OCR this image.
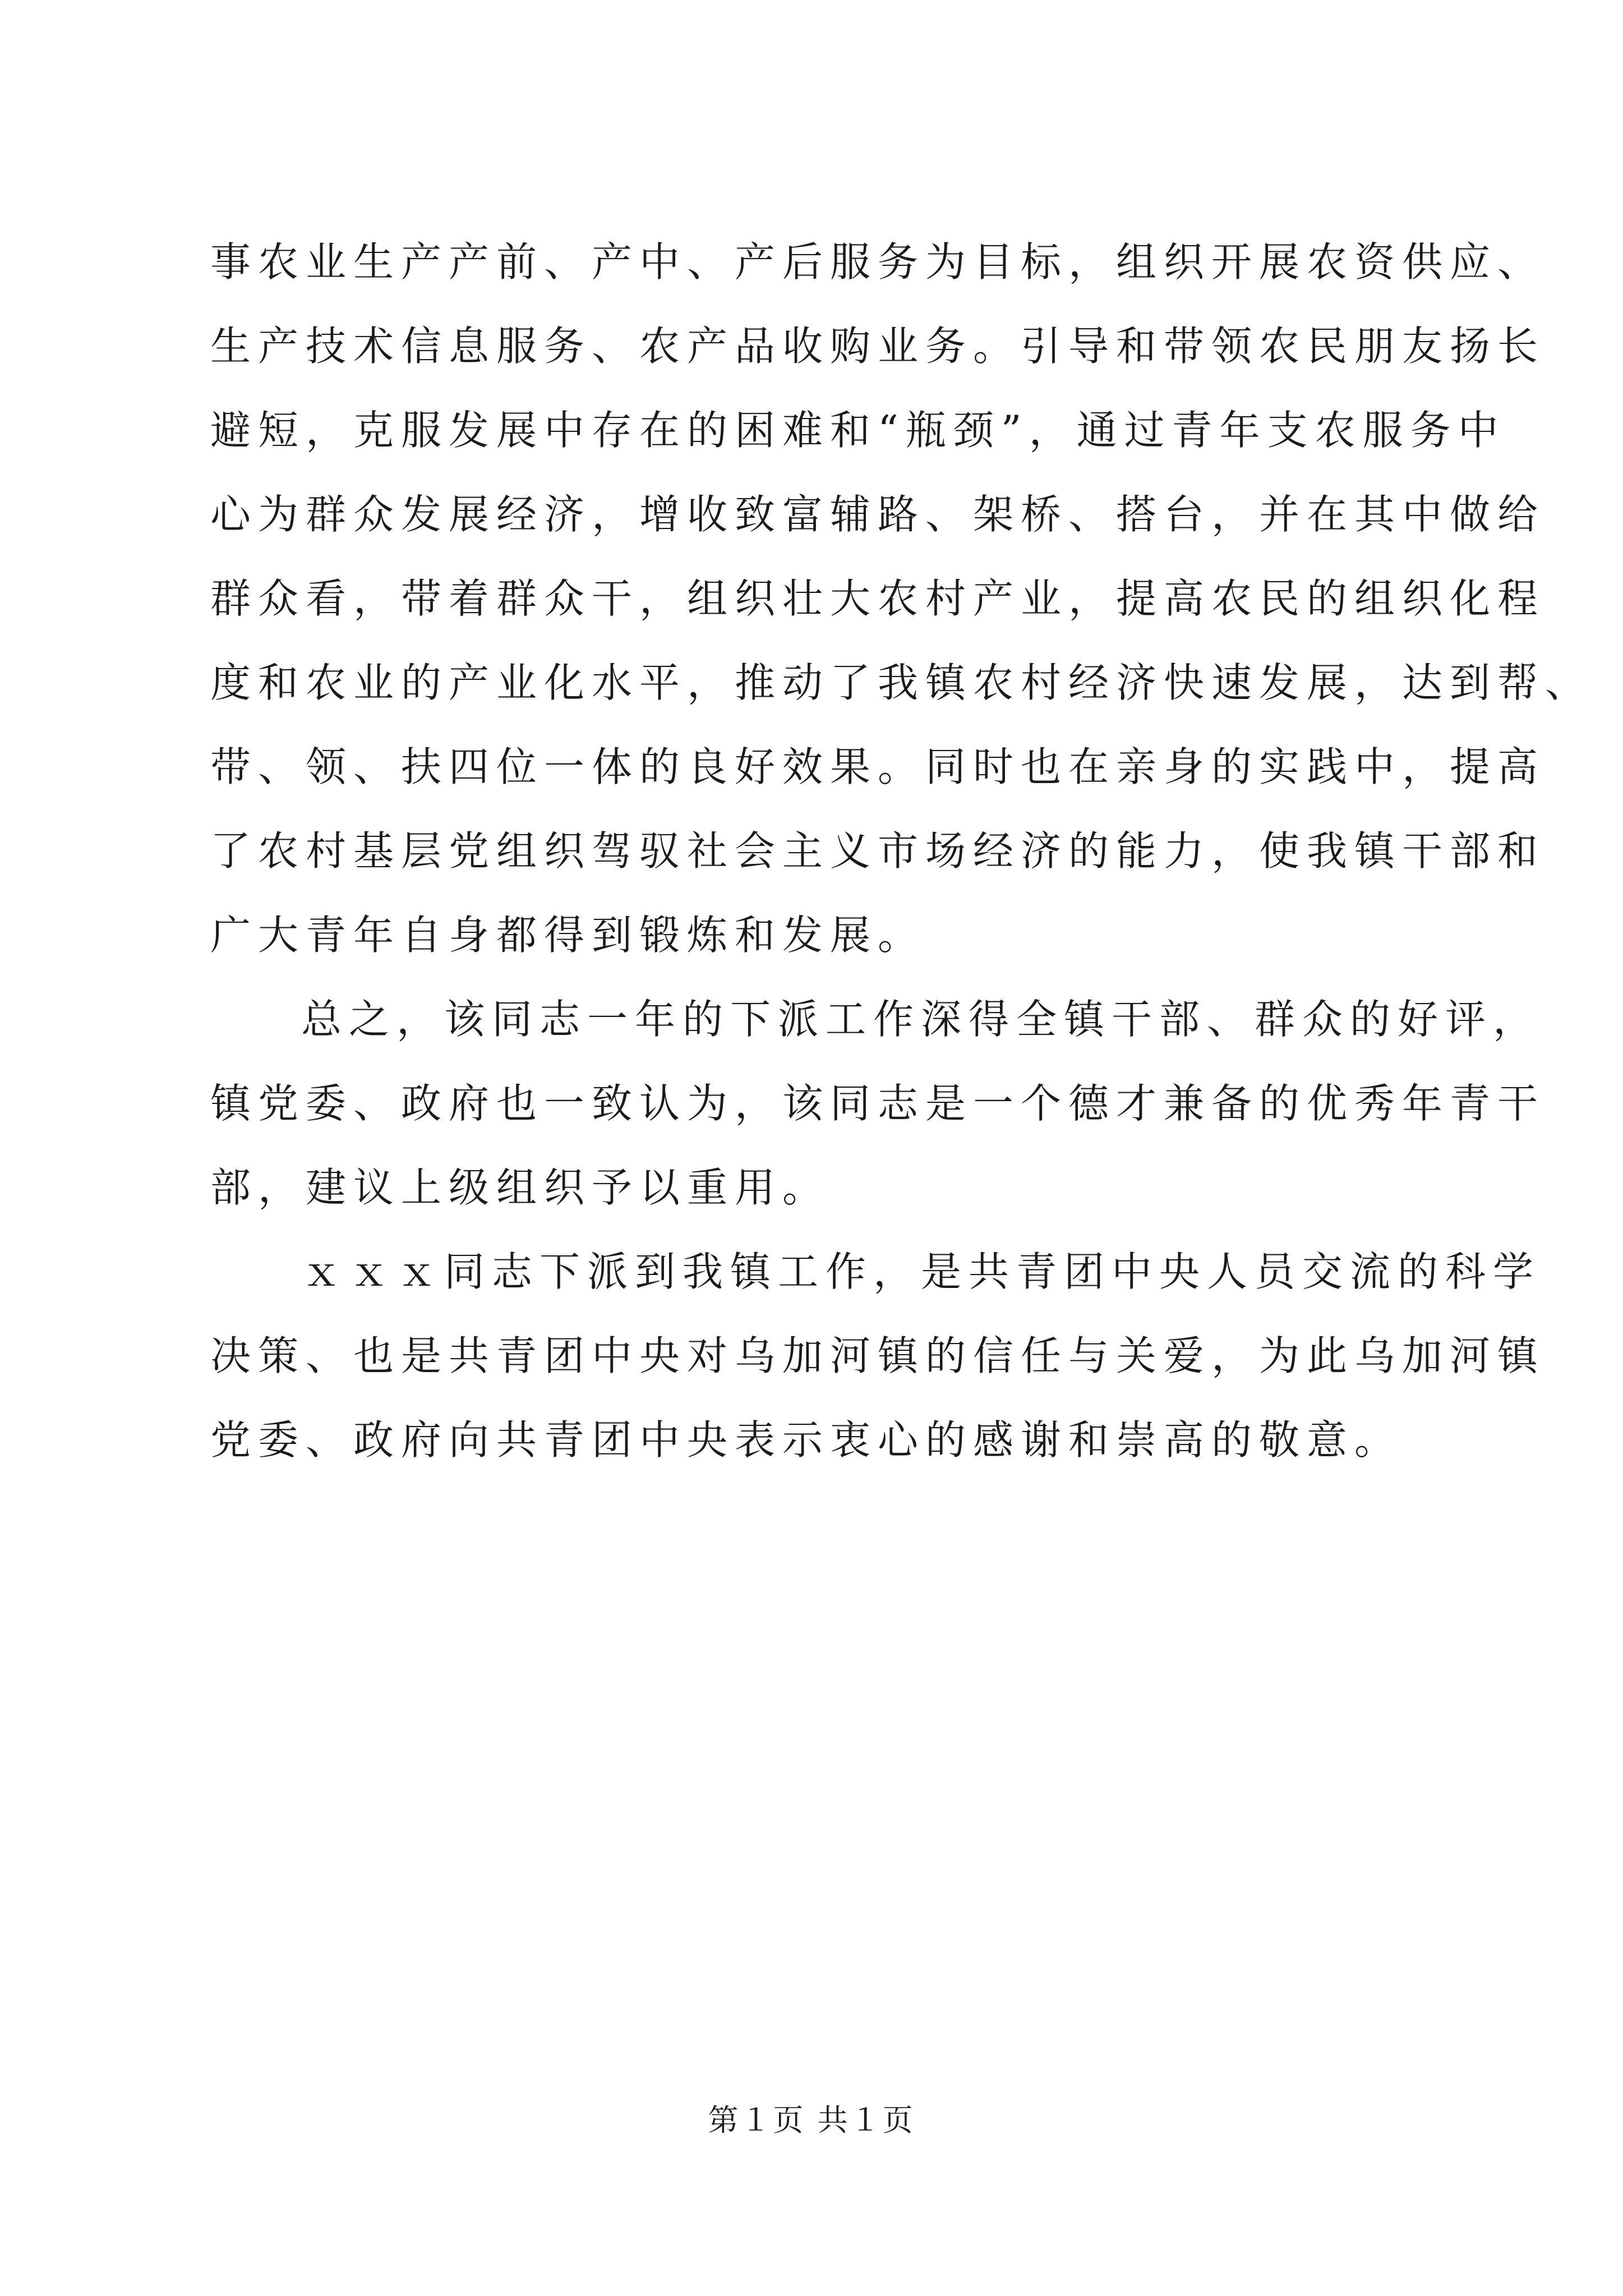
事农业生产产前、产中、产后服务为目标，组织开展农资供应、
生产技术信息服务、农产品收购业务。引导和带领农民朋友扬长
避短，克服发展中存在的困难和“瓶颈”，通过青年支农服务中
心为群众发展经济，增收致富辅路、架桥、搭台，并在其中做给
群众看，带着群众干，组织壮大农村产业，提高农民的组织化程
度和农业的产业化水平，推动了我镇农村经济快速发展，达到帮、
带、领、扶四位一体的良好效果。同时也在亲身的实践中，提高
了农村基层党组织驾驭社会主义市场经济的能力，使我镇干部和
广大青年自身都得到锻炼和发展。
总之，该同志一年的下派工作深得全镇干部、群众的好评，
镇党委、政府也一致认为，该同志是一个德才兼备的优秀年青干
部，建议上级组织予以重用。
ｘｘｘ同志下派到我镇工作，是共青团中央人员交流的科学
决策、也是共青团中央对乌加河镇的信任与关爱，为此乌加河镇
党委、政府向共青团中央表示衷心的感谢和崇高的敬意。
第１页 共１页
